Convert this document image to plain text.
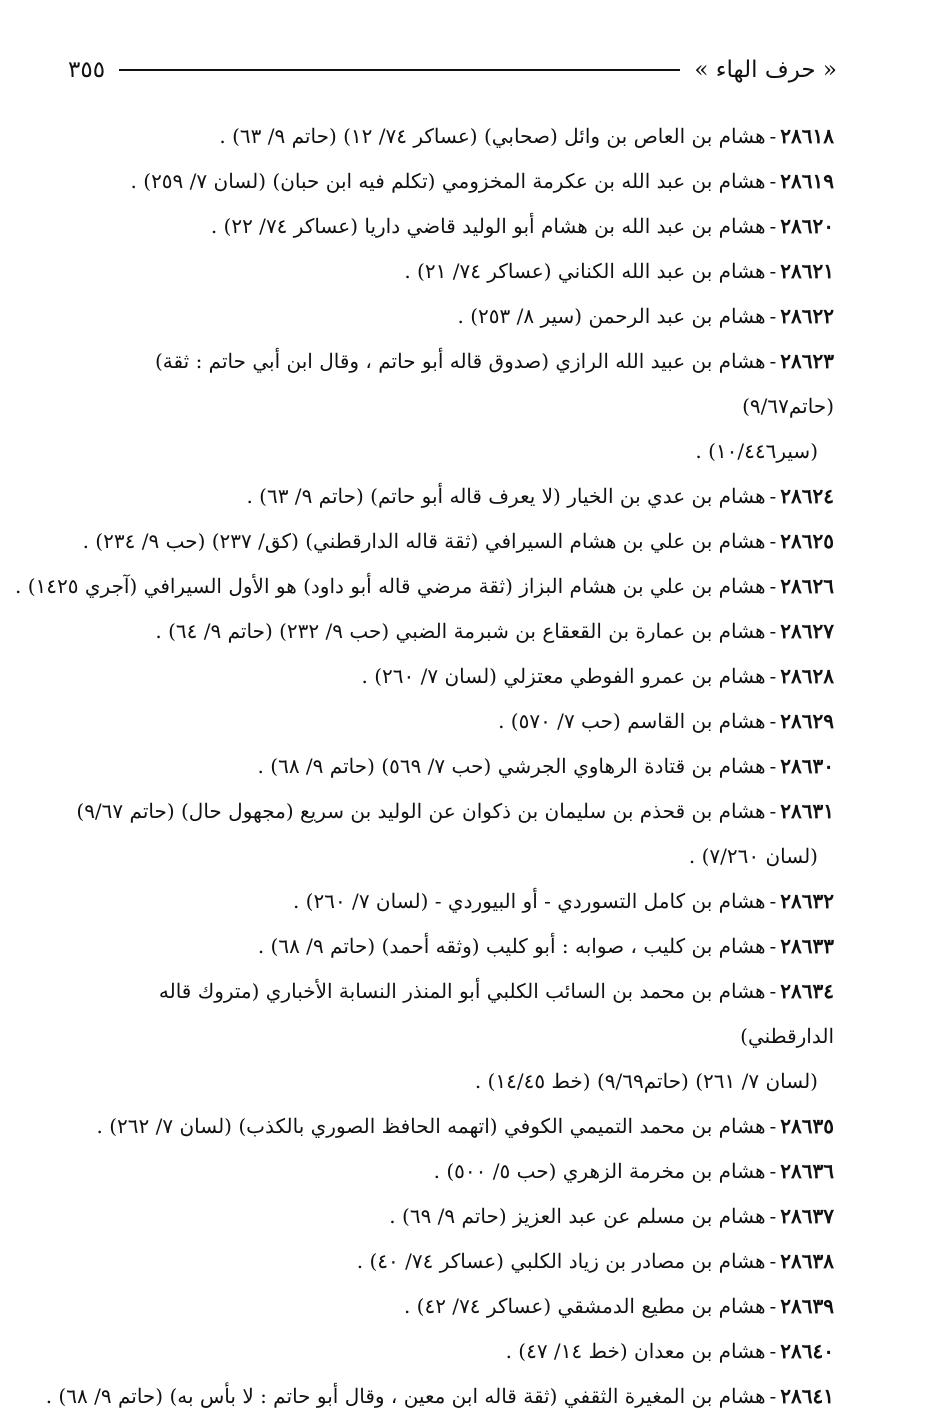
« حرف الهاء »
٣٥٥
٢٨٦١٨-هشام بن العاص بن وائل (صحابي) (عساكر ٧٤/ ١٢) (حاتم ٩/ ٦٣) .
٢٨٦١٩-هشام بن عبد الله بن عكرمة المخزومي (تكلم فيه ابن حبان) (لسان ٧/ ٢٥٩) .
٢٨٦٢٠-هشام بن عبد الله بن هشام أبو الوليد قاضي داريا (عساكر ٧٤/ ٢٢) .
٢٨٦٢١-هشام بن عبد الله الكناني (عساكر ٧٤/ ٢١) .
٢٨٦٢٢-هشام بن عبد الرحمن (سير ٨/ ٢٥٣) .
٢٨٦٢٣-هشام بن عبيد الله الرازي (صدوق قاله أبو حاتم ، وقال ابن أبي حاتم : ثقة) (حاتم٩/٦٧)
(سير١٠/٤٤٦) .
٢٨٦٢٤-هشام بن عدي بن الخيار (لا يعرف قاله أبو حاتم) (حاتم ٩/ ٦٣) .
٢٨٦٢٥-هشام بن علي بن هشام السيرافي (ثقة قاله الدارقطني) (كق/ ٢٣٧) (حب ٩/ ٢٣٤) .
٢٨٦٢٦-هشام بن علي بن هشام البزاز (ثقة مرضي قاله أبو داود) هو الأول السيرافي (آجري ١٤٢٥) .
٢٨٦٢٧-هشام بن عمارة بن القعقاع بن شبرمة الضبي (حب ٩/ ٢٣٢) (حاتم ٩/ ٦٤) .
٢٨٦٢٨-هشام بن عمرو الفوطي معتزلي (لسان ٧/ ٢٦٠) .
٢٨٦٢٩-هشام بن القاسم (حب ٧/ ٥٧٠) .
٢٨٦٣٠-هشام بن قتادة الرهاوي الجرشي (حب ٧/ ٥٦٩) (حاتم ٩/ ٦٨) .
٢٨٦٣١-هشام بن قحذم بن سليمان بن ذكوان عن الوليد بن سريع (مجهول حال) (حاتم ٩/٦٧)
(لسان ٧/٢٦٠) .
٢٨٦٣٢-هشام بن كامل التسوردي - أو البيوردي - (لسان ٧/ ٢٦٠) .
٢٨٦٣٣-هشام بن كليب ، صوابه : أبو كليب (وثقه أحمد) (حاتم ٩/ ٦٨) .
٢٨٦٣٤-هشام بن محمد بن السائب الكلبي أبو المنذر النسابة الأخباري (متروك قاله الدارقطني)
(لسان ٧/ ٢٦١) (حاتم٩/٦٩) (خط ١٤/٤٥) .
٢٨٦٣٥-هشام بن محمد التميمي الكوفي (اتهمه الحافظ الصوري بالكذب) (لسان ٧/ ٢٦٢) .
٢٨٦٣٦-هشام بن مخرمة الزهري (حب ٥/ ٥٠٠) .
٢٨٦٣٧-هشام بن مسلم عن عبد العزيز (حاتم ٩/ ٦٩) .
٢٨٦٣٨-هشام بن مصادر بن زياد الكلبي (عساكر ٧٤/ ٤٠) .
٢٨٦٣٩-هشام بن مطيع الدمشقي (عساكر ٧٤/ ٤٢) .
٢٨٦٤٠-هشام بن معدان (خط ١٤/ ٤٧) .
٢٨٦٤١-هشام بن المغيرة الثقفي (ثقة قاله ابن معين ، وقال أبو حاتم : لا بأس به) (حاتم ٩/ ٦٨) .
